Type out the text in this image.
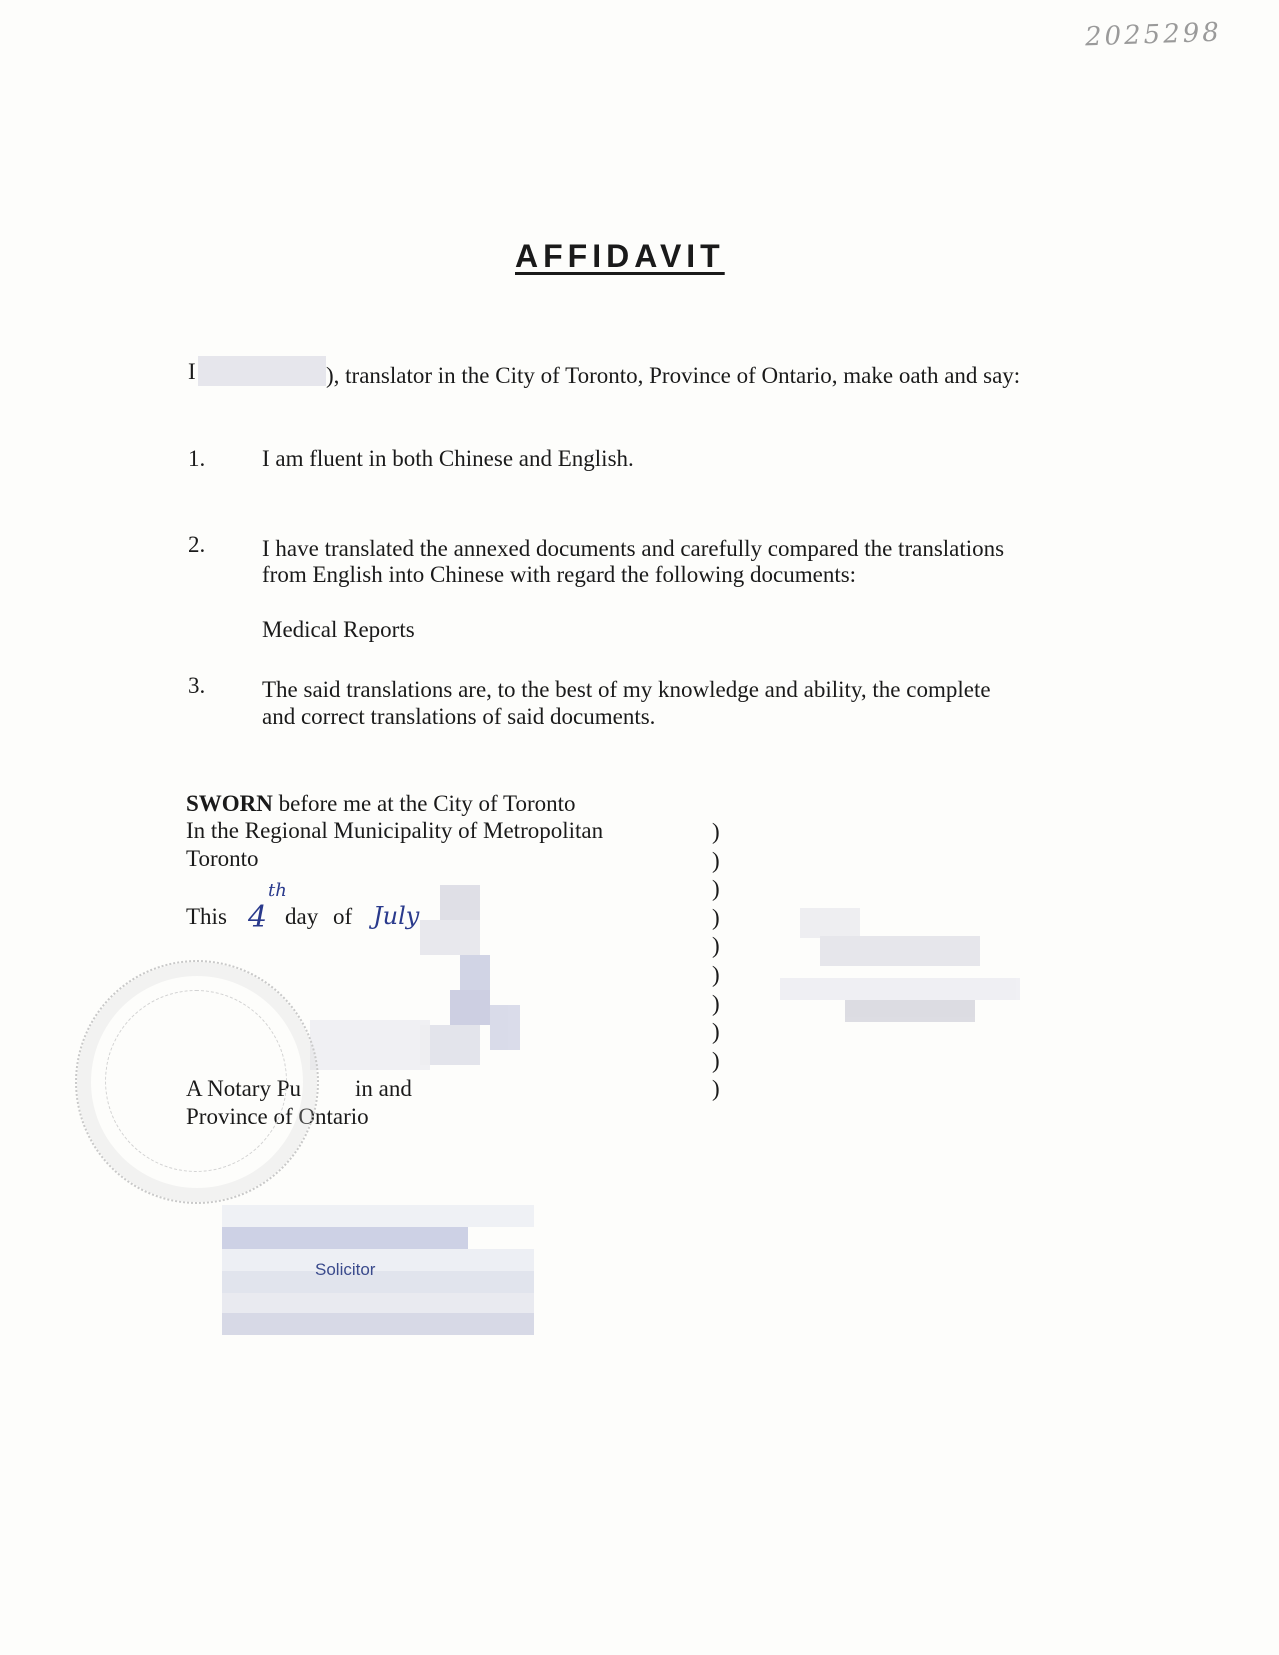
2025298
AFFIDAVIT
I	), translator in the City of Toronto, Province of Ontario, make oath and say:
1. I am fluent in both Chinese and English.
2. I have translated the annexed documents and carefully compared the translations
from English into Chinese with regard the following documents:
Medical Reports
3. The said translations are, to the best of my knowledge and ability, the complete
and correct translations of said documents.
SWORN before me at the City of Toronto
In the Regional Municipality of Metropolitan
Toronto
This 4
th
day of July
A Notary Pu in and
Province of Ontario
)
)
)
)
)
)
)
)
)
)
Solicitor
